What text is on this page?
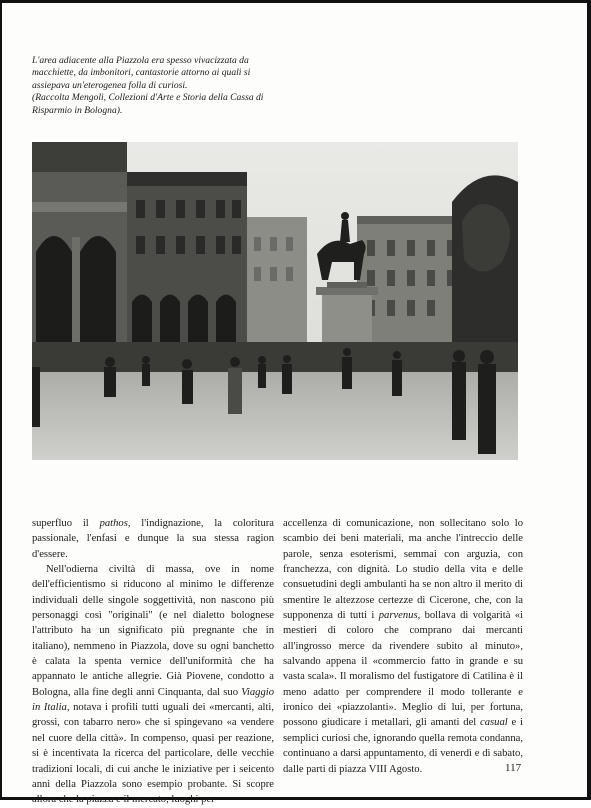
L'area adiacente alla Piazzola era spesso vivacizzata da macchiette, da imbonitori, cantastorie attorno ai quali si assiepava un'eterogenea folla di curiosi.

(Raccolta Mengoli, Collezioni d'Arte e Storia della Cassa di Risparmio in Bologna).

superfluo il pathos, l'indignazione, la coloritura passionale, l'enfasi e dunque la sua stessa ragion d'essere.

Nell'odierna civiltà di massa, ove in nome dell'efficientismo si riducono al minimo le differenze individuali delle singole soggettività, non nascono più personaggi così "originali" (e nel dialetto bolognese l'attributo ha un significato più pregnante che in italiano), nemmeno in Piazzola, dove su ogni banchetto è calata la spenta vernice dell'uniformità che ha appannato le antiche allegrie. Già Piovene, condotto a Bologna, alla fine degli anni Cinquanta, dal suo Viaggio in Italia, notava i profili tutti uguali dei «mercanti, alti, grossi, con tabarro nero» che si spingevano «a vendere nel cuore della città». In compenso, quasi per reazione, si è incentivata la ricerca del particolare, delle vecchie tradizioni locali, di cui anche le iniziative per i seicento anni della Piazzola sono esempio probante. Si scopre allora che la piazza e il mercato, luoghi per

accellenza di comunicazione, non sollecitano solo lo scambio dei beni materiali, ma anche l'intreccio delle parole, senza esoterismi, semmai con arguzia, con franchezza, con dignità. Lo studio della vita e delle consuetudini degli ambulanti ha se non altro il merito di smentire le altezzose certezze di Cicerone, che, con la supponenza di tutti i parvenus, bollava di volgarità «i mestieri di coloro che comprano dai mercanti all'ingrosso merce da rivendere subito al minuto», salvando appena il «commercio fatto in grande e su vasta scala». Il moralismo del fustigatore di Catilina è il meno adatto per comprendere il modo tollerante e ironico dei «piazzolanti». Meglio di lui, per fortuna, possono giudicare i metallari, gli amanti del casual e i semplici curiosi che, ignorando quella remota condanna, continuano a darsi appuntamento, di venerdì e di sabato, dalle parti di piazza VIII Agosto.	117
